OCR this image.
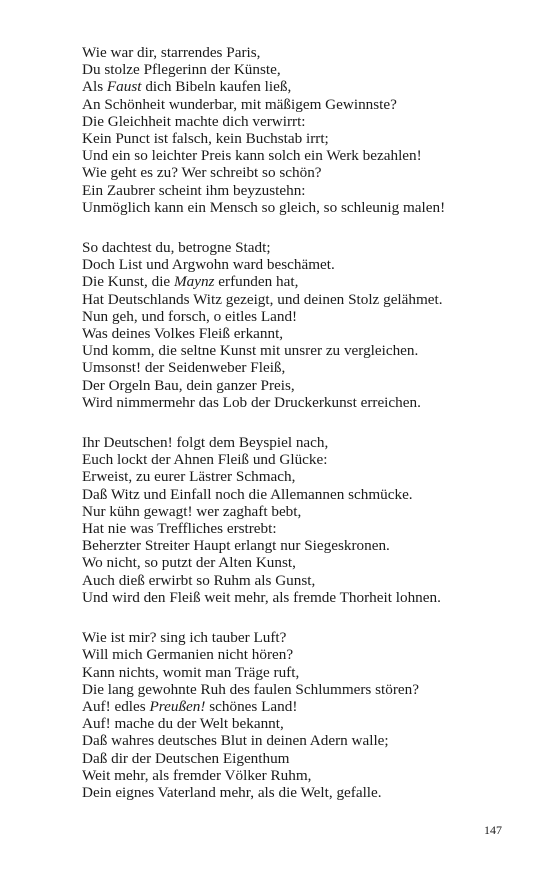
Wie war dir, starrendes Paris,
Du stolze Pflegerinn der Künste,
Als Faust dich Bibeln kaufen ließ,
An Schönheit wunderbar, mit mäßigem Gewinnste?
Die Gleichheit machte dich verwirrt:
Kein Punct ist falsch, kein Buchstab irrt;
Und ein so leichter Preis kann solch ein Werk bezahlen!
Wie geht es zu? Wer schreibt so schön?
Ein Zaubrer scheint ihm beyzustehn:
Unmöglich kann ein Mensch so gleich, so schleunig malen!
So dachtest du, betrogne Stadt;
Doch List und Argwohn ward beschämet.
Die Kunst, die Maynz erfunden hat,
Hat Deutschlands Witz gezeigt, und deinen Stolz gelähmet.
Nun geh, und forsch, o eitles Land!
Was deines Volkes Fleiß erkannt,
Und komm, die seltne Kunst mit unsrer zu vergleichen.
Umsonst! der Seidenweber Fleiß,
Der Orgeln Bau, dein ganzer Preis,
Wird nimmermehr das Lob der Druckerkunst erreichen.
Ihr Deutschen! folgt dem Beyspiel nach,
Euch lockt der Ahnen Fleiß und Glücke:
Erweist, zu eurer Lästrer Schmach,
Daß Witz und Einfall noch die Allemannen schmücke.
Nur kühn gewagt! wer zaghaft bebt,
Hat nie was Treffliches erstrebt:
Beherzter Streiter Haupt erlangt nur Siegeskronen.
Wo nicht, so putzt der Alten Kunst,
Auch dieß erwirbt so Ruhm als Gunst,
Und wird den Fleiß weit mehr, als fremde Thorheit lohnen.
Wie ist mir? sing ich tauber Luft?
Will mich Germanien nicht hören?
Kann nichts, womit man Träge ruft,
Die lang gewohnte Ruh des faulen Schlummers stören?
Auf! edles Preußen! schönes Land!
Auf! mache du der Welt bekannt,
Daß wahres deutsches Blut in deinen Adern walle;
Daß dir der Deutschen Eigenthum
Weit mehr, als fremder Völker Ruhm,
Dein eignes Vaterland mehr, als die Welt, gefalle.
147
